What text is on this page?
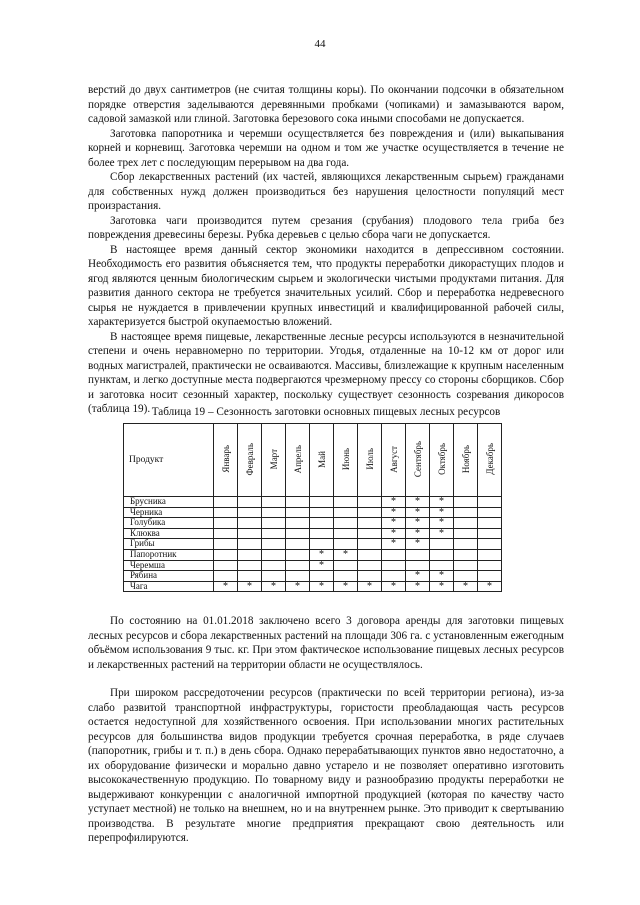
44

верстий до двух сантиметров (не считая толщины коры). По окончании подсочки в обязательном порядке отверстия заделываются деревянными пробками (чопиками) и замазываются варом, садовой замазкой или глиной. Заготовка березового сока иными способами не допускается.

Заготовка папоротника и черемши осуществляется без повреждения и (или) выкапывания корней и корневищ. Заготовка черемши на одном и том же участке осуществляется в течение не более трех лет с последующим перерывом на два года.

Сбор лекарственных растений (их частей, являющихся лекарственным сырьем) гражданами для собственных нужд должен производиться без нарушения целостности популяций мест произрастания.

Заготовка чаги производится путем срезания (срубания) плодового тела гриба без повреждения древесины березы. Рубка деревьев с целью сбора чаги не допускается.

В настоящее время данный сектор экономики находится в депрессивном состоянии. Необходимость его развития объясняется тем, что продукты переработки дикорастущих плодов и ягод являются ценным биологическим сырьем и экологически чистыми продуктами питания. Для развития данного сектора не требуется значительных усилий. Сбор и переработка недревесного сырья не нуждается в привлечении крупных инвестиций и квалифицированной рабочей силы, характеризуется быстрой окупаемостью вложений.

В настоящее время пищевые, лекарственные лесные ресурсы используются в незначительной степени и очень неравномерно по территории. Угодья, отдаленные на 10-12 км от дорог или водных магистралей, практически не осваиваются. Массивы, близлежащие к крупным населенным пунктам, и легко доступные места подвергаются чрезмерному прессу со стороны сборщиков. Сбор и заготовка носит сезонный характер, поскольку существует сезонность созревания дикоросов (таблица 19). Таблица 19 – Сезонность заготовки основных пищевых лесных ресурсов
Продукт	Январь	Февраль	Март	Апрель	Май	Июнь	Июль	Август	Сентябрь	Октябрь	Ноябрь	Декабрь
Брусника								*	*	*		
Черника								*	*	*		
Голубика								*	*	*		
Клюква								*	*	*		
Грибы								*	*			
Папоротник					*	*						
Черемша					*							
Рябина									*	*		
Чага	*	*	*	*	*	*	*	*	*	*	*	*

По состоянию на 01.01.2018 заключено всего 3 договора аренды для заготовки пищевых лесных ресурсов и сбора лекарственных растений на площади 306 га. с установленным ежегодным объёмом использования 9 тыс. кг. При этом фактическое использование пищевых лесных ресурсов и лекарственных растений на территории области не осуществлялось.

При широком рассредоточении ресурсов (практически по всей территории региона), из-за слабо развитой транспортной инфраструктуры, гористости преобладающая часть ресурсов остается недоступной для хозяйственного освоения. При использовании многих растительных ресурсов для большинства видов продукции требуется срочная переработка, в ряде случаев (папоротник, грибы и т. п.) в день сбора. Однако перерабатывающих пунктов явно недостаточно, а их оборудование физически и морально давно устарело и не позволяет оперативно изготовить высококачественную продукцию. По товарному виду и разнообразию продукты переработки не выдерживают конкуренции с аналогичной импортной продукцией (которая по качеству часто уступает местной) не только на внешнем, но и на внутреннем рынке. Это приводит к свертыванию производства. В результате многие предприятия прекращают свою деятельность или перепрофилируются.
